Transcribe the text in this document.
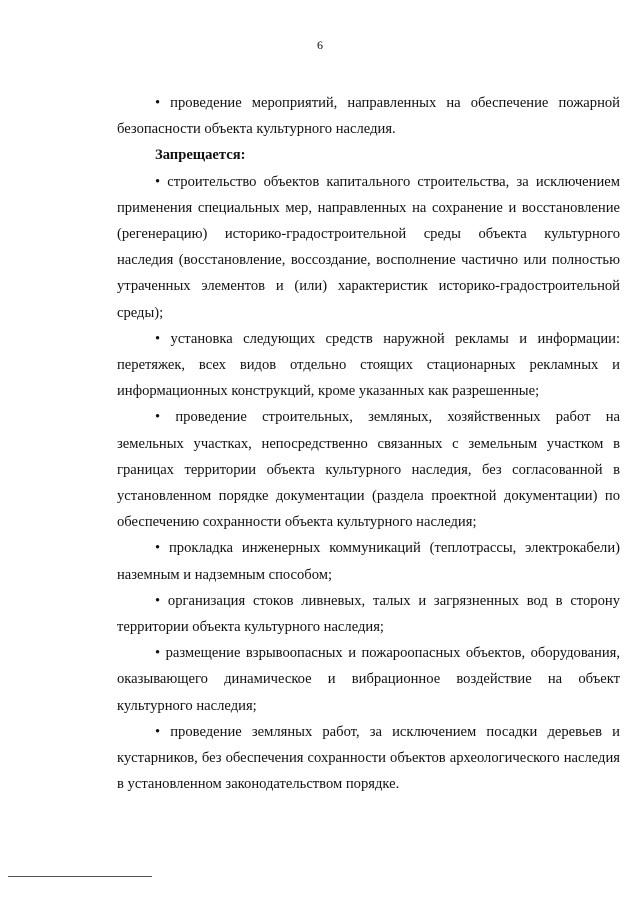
6

• проведение мероприятий, направленных на обеспечение пожарной безопасности объекта культурного наследия.

Запрещается:

• строительство объектов капитального строительства, за исключением применения специальных мер, направленных на сохранение и восстановление (регенерацию) историко-градостроительной среды объекта культурного наследия (восстановление, воссоздание, восполнение частично или полностью утраченных элементов и (или) характеристик историко-градостроительной среды);

• установка следующих средств наружной рекламы и информации: перетяжек, всех видов отдельно стоящих стационарных рекламных и информационных конструкций, кроме указанных как разрешенные;

• проведение строительных, земляных, хозяйственных работ на земельных участках, непосредственно связанных с земельным участком в границах территории объекта культурного наследия, без согласованной в установленном порядке документации (раздела проектной документации) по обеспечению сохранности объекта культурного наследия;

• прокладка инженерных коммуникаций (теплотрассы, электрокабели) наземным и надземным способом;

• организация стоков ливневых, талых и загрязненных вод в сторону территории объекта культурного наследия;

• размещение взрывоопасных и пожароопасных объектов, оборудования, оказывающего динамическое и вибрационное воздействие на объект культурного наследия;

• проведение земляных работ, за исключением посадки деревьев и кустарников, без обеспечения сохранности объектов археологического наследия в установленном законодательством порядке.
